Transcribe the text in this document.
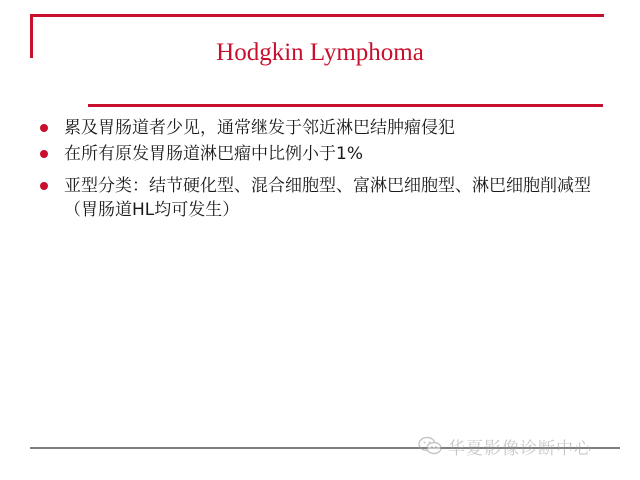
Hodgkin Lymphoma
累及胃肠道者少见，通常继发于邻近淋巴结肿瘤侵犯
在所有原发胃肠道淋巴瘤中比例小于1%
亚型分类：结节硬化型、混合细胞型、富淋巴细胞型、淋巴细胞削减型（胃肠道HL均可发生）
华夏影像诊断中心
